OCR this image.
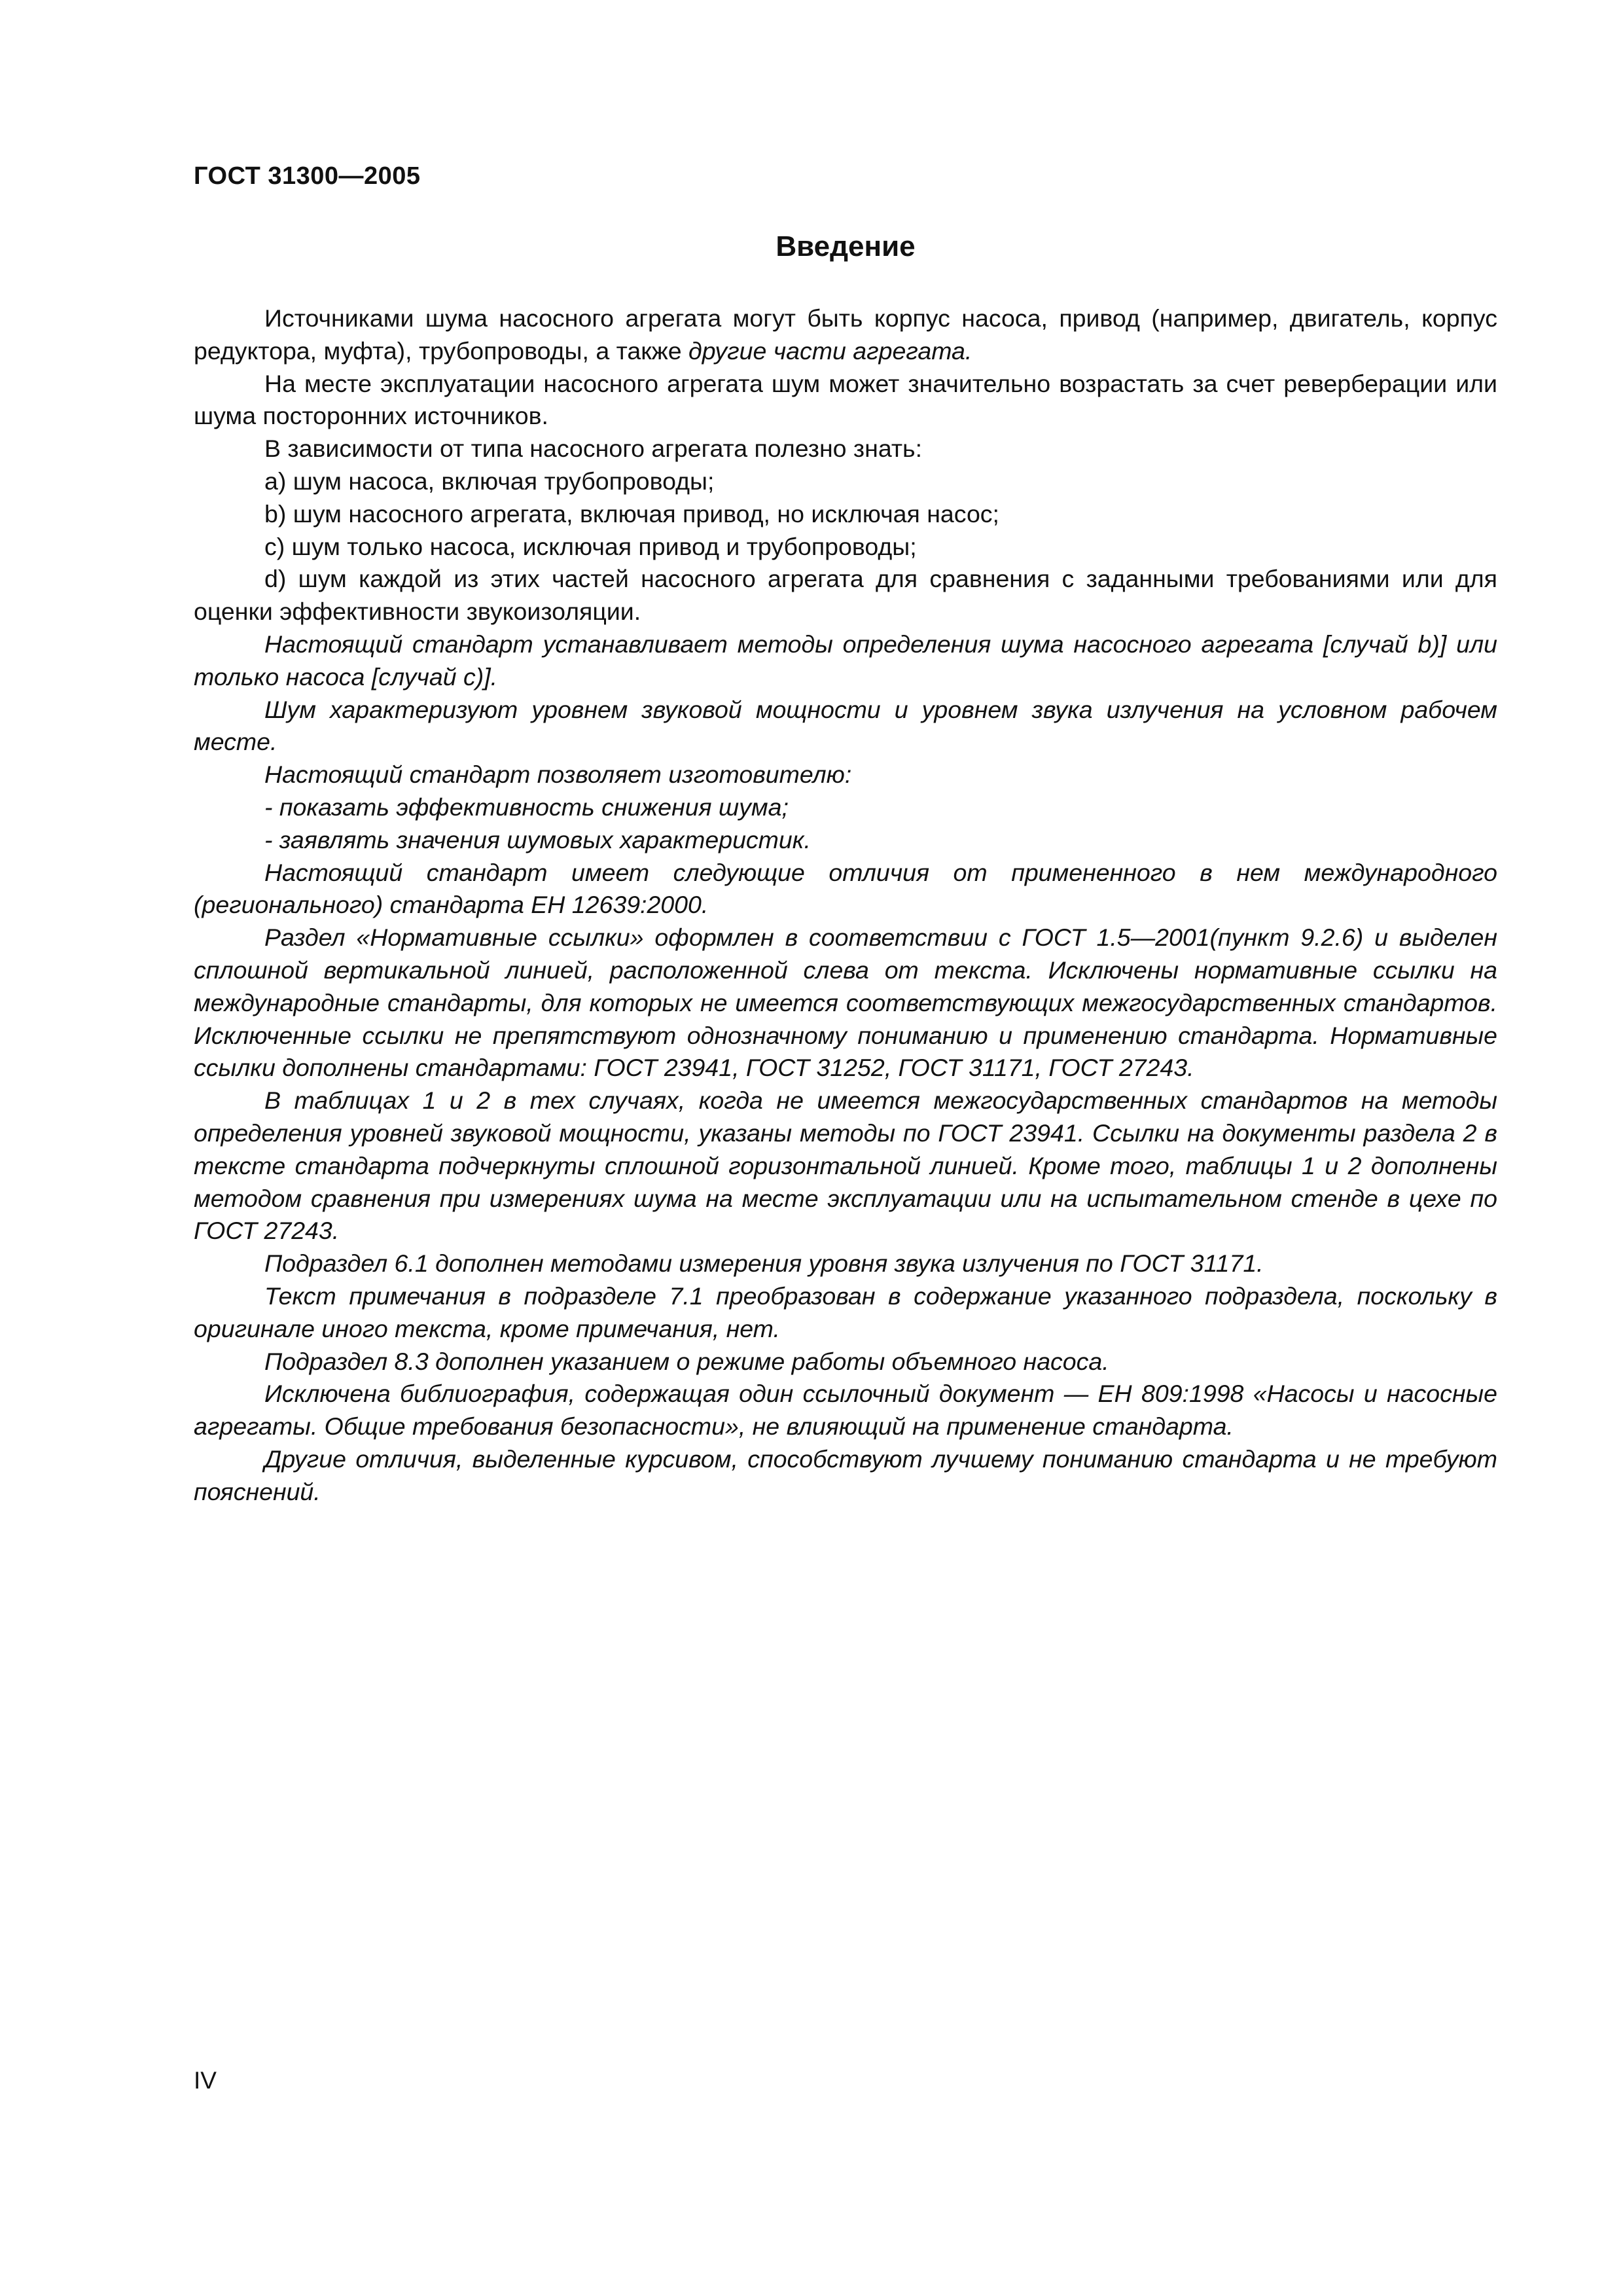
ГОСТ 31300—2005
Введение

Источниками шума насосного агрегата могут быть корпус насоса, привод (например, двигатель, корпус редуктора, муфта), трубопроводы, а также другие части агрегата.

На месте эксплуатации насосного агрегата шум может значительно возрастать за счет реверберации или шума посторонних источников.

В зависимости от типа насосного агрегата полезно знать:

a) шум насоса, включая трубопроводы;

b) шум насосного агрегата, включая привод, но исключая насос;

c) шум только насоса, исключая привод и трубопроводы;

d) шум каждой из этих частей насосного агрегата для сравнения с заданными требованиями или для оценки эффективности звукоизоляции.

Настоящий стандарт устанавливает методы определения шума насосного агрегата [случай b)] или только насоса [случай с)].

Шум характеризуют уровнем звуковой мощности и уровнем звука излучения на условном рабочем месте.

Настоящий стандарт позволяет изготовителю:

- показать эффективность снижения шума;

- заявлять значения шумовых характеристик.

Настоящий стандарт имеет следующие отличия от примененного в нем международного (регионального) стандарта ЕН 12639:2000.

Раздел «Нормативные ссылки» оформлен в соответствии с ГОСТ 1.5—2001(пункт 9.2.6) и выделен сплошной вертикальной линией, расположенной слева от текста. Исключены нормативные ссылки на международные стандарты, для которых не имеется соответствующих межгосударственных стандартов. Исключенные ссылки не препятствуют однозначному пониманию и применению стандарта. Нормативные ссылки дополнены стандартами: ГОСТ 23941, ГОСТ 31252, ГОСТ 31171, ГОСТ 27243.

В таблицах 1 и 2 в тех случаях, когда не имеется межгосударственных стандартов на методы определения уровней звуковой мощности, указаны методы по ГОСТ 23941. Ссылки на документы раздела 2 в тексте стандарта подчеркнуты сплошной горизонтальной линией. Кроме того, таблицы 1 и 2 дополнены методом сравнения при измерениях шума на месте эксплуатации или на испытательном стенде в цехе по ГОСТ 27243.

Подраздел 6.1 дополнен методами измерения уровня звука излучения по ГОСТ 31171.

Текст примечания в подразделе 7.1 преобразован в содержание указанного подраздела, поскольку в оригинале иного текста, кроме примечания, нет.

Подраздел 8.3 дополнен указанием о режиме работы объемного насоса.

Исключена библиография, содержащая один ссылочный документ — ЕН 809:1998 «Насосы и насосные агрегаты. Общие требования безопасности», не влияющий на применение стандарта.

Другие отличия, выделенные курсивом, способствуют лучшему пониманию стандарта и не требуют пояснений.

IV
